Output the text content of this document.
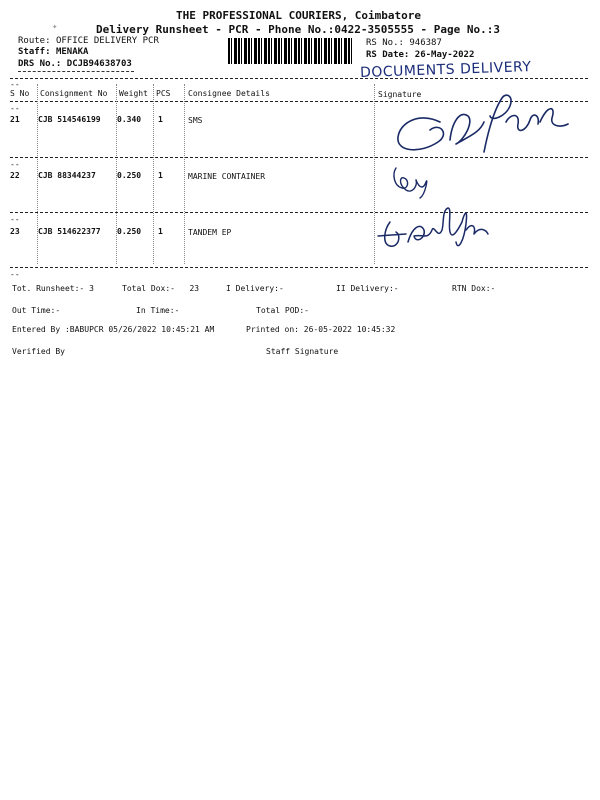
THE PROFESSIONAL COURIERS, Coimbatore
Delivery Runsheet - PCR - Phone No.:0422-3505555 - Page No.:3
✦
Route: OFFICE DELIVERY PCR
Staff: MENAKA
DRS No.: DCJB94638703
RS No.: 946387
RS Date: 26-May-2022
DOCUMENTS DELIVERY
--
S No Consignment No Weight PCS Consignee Details	Signature
--
21 CJB 514546199 0.340 1	SMS
--
22 CJB 88344237	0.250 1	MARINE CONTAINER
--
23 CJB 514622377 0.250 1	TANDEM EP
--
Tot. Runsheet:- 3	Total Dox:- 23	I Delivery:-	II Delivery:-	RTN Dox:-
Out Time:-	In Time:-	Total POD:-
Entered By :BABUPCR 05/26/2022 10:45:21 AM	Printed on: 26-05-2022 10:45:32
Verified By	Staff Signature
